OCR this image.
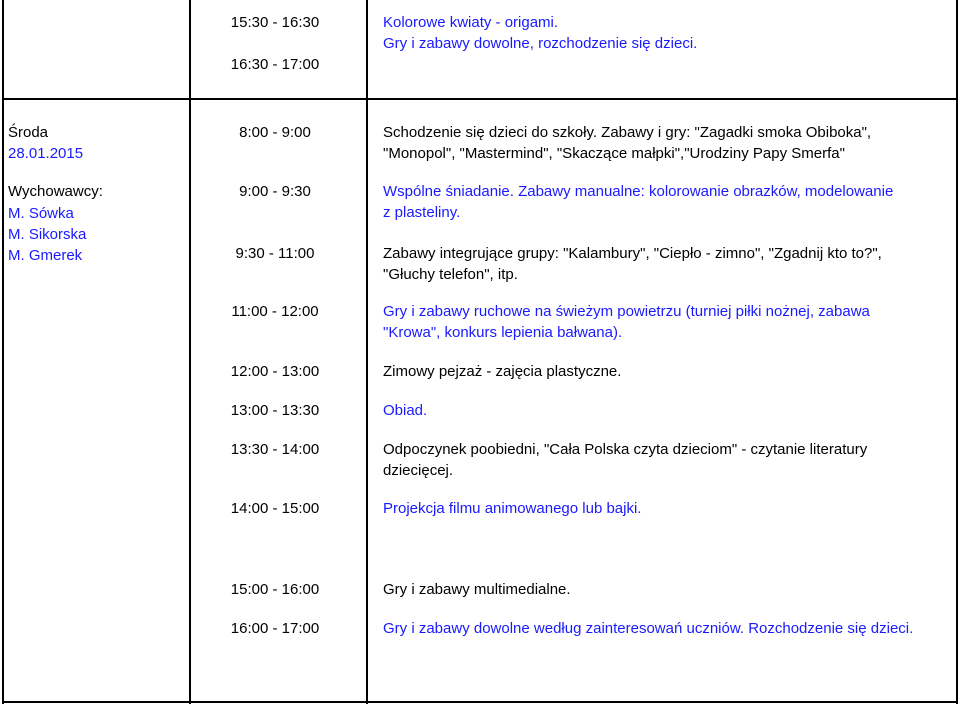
15:30 - 16:30	Kolorowe kwiaty - origami.
Gry i zabawy dowolne, rozchodzenie się dzieci.
16:30 - 17:00
Środa
28.01.2015
Wychowawcy:
M. Sówka
M. Sikorska
M. Gmerek
8:00 - 9:00	Schodzenie się dzieci do szkoły. Zabawy i gry: "Zagadki smoka Obiboka",
"Monopol", "Mastermind", "Skaczące małpki","Urodziny Papy Smerfa"
9:00 - 9:30	Wspólne śniadanie. Zabawy manualne: kolorowanie obrazków, modelowanie
z plasteliny.
9:30 - 11:00	Zabawy integrujące grupy: "Kalambury", "Ciepło - zimno", "Zgadnij kto to?",
"Głuchy telefon", itp.
11:00 - 12:00	Gry i zabawy ruchowe na świeżym powietrzu (turniej piłki nożnej, zabawa
"Krowa", konkurs lepienia bałwana).
12:00 - 13:00	Zimowy pejzaż - zajęcia plastyczne.
13:00 - 13:30	Obiad.
13:30 - 14:00	Odpoczynek poobiedni, "Cała Polska czyta dzieciom" - czytanie literatury
dziecięcej.
14:00 - 15:00	Projekcja filmu animowanego lub bajki.
15:00 - 16:00	Gry i zabawy multimedialne.
16:00 - 17:00	Gry i zabawy dowolne według zainteresowań uczniów. Rozchodzenie się dzieci.
